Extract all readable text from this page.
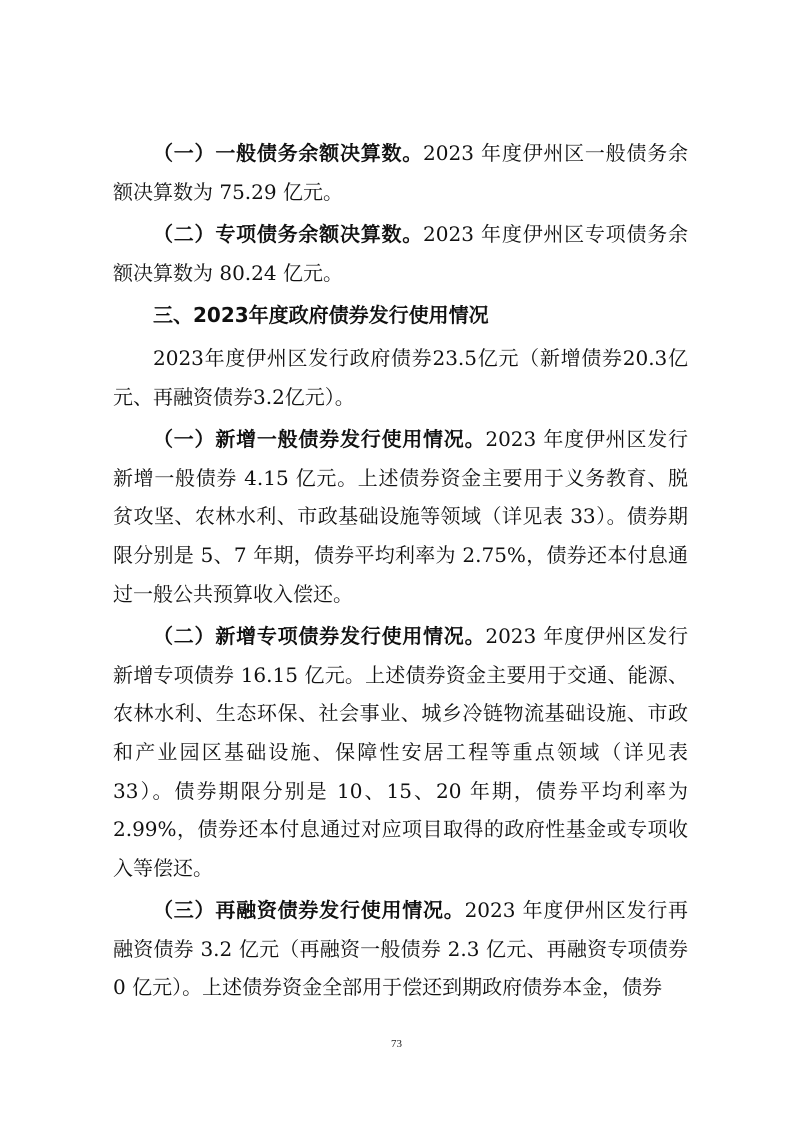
（一）一般债务余额决算数。2023 年度伊州区一般债务余额决算数为 75.29 亿元。

（二）专项债务余额决算数。2023 年度伊州区专项债务余额决算数为 80.24 亿元。

三、2023年度政府债券发行使用情况

2023年度伊州区发行政府债券23.5亿元（新增债券20.3亿元、再融资债券3.2亿元）。

（一）新增一般债券发行使用情况。2023 年度伊州区发行新增一般债券 4.15 亿元。上述债券资金主要用于义务教育、脱贫攻坚、农林水利、市政基础设施等领域（详见表 33）。债券期限分别是 5、7 年期，债券平均利率为 2.75%，债券还本付息通过一般公共预算收入偿还。

（二）新增专项债券发行使用情况。2023 年度伊州区发行新增专项债券 16.15 亿元。上述债券资金主要用于交通、能源、农林水利、生态环保、社会事业、城乡冷链物流基础设施、市政和产业园区基础设施、保障性安居工程等重点领域（详见表 33）。债券期限分别是 10、15、20 年期，债券平均利率为 2.99%，债券还本付息通过对应项目取得的政府性基金或专项收入等偿还。

（三）再融资债券发行使用情况。2023 年度伊州区发行再融资债券 3.2 亿元（再融资一般债券 2.3 亿元、再融资专项债券 0 亿元）。上述债券资金全部用于偿还到期政府债券本金，债券

73
